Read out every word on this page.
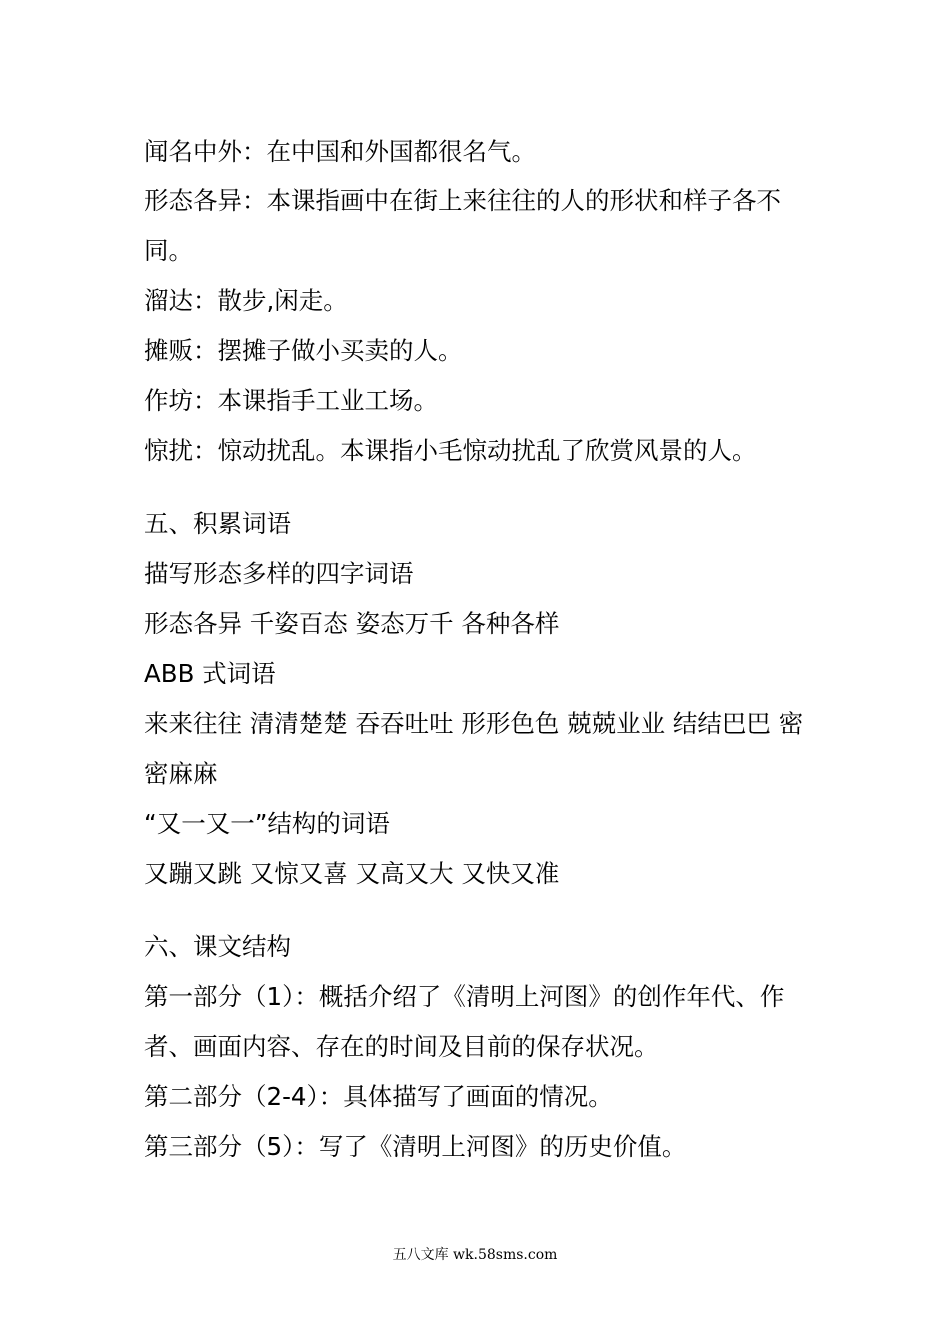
闻名中外：在中国和外国都很名气。

形态各异：本课指画中在街上来往往的人的形状和样子各不

同。

溜达：散步,闲走。

摊贩：摆摊子做小买卖的人。

作坊：本课指手工业工场。

惊扰：惊动扰乱。本课指小毛惊动扰乱了欣赏风景的人。

五、积累词语

描写形态多样的四字词语

形态各异 千姿百态 姿态万千 各种各样

ABB 式词语

来来往往 清清楚楚 吞吞吐吐 形形色色 兢兢业业 结结巴巴 密

密麻麻

“又一又一”结构的词语

又蹦又跳 又惊又喜 又高又大 又快又准

六、课文结构

第一部分（1）：概括介绍了《清明上河图》的创作年代、作

者、画面内容、存在的时间及目前的保存状况。

第二部分（2-4）：具体描写了画面的情况。

第三部分（5）：写了《清明上河图》的历史价值。

五八文库 wk.58sms.com
